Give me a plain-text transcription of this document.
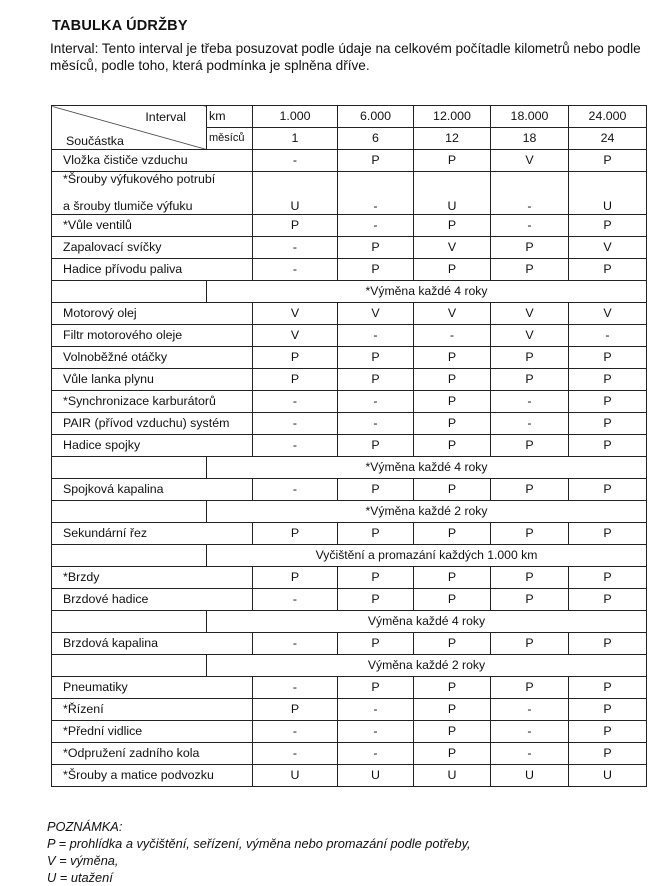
TABULKA ÚDRŽBY

Interval: Tento interval je třeba posuzovat podle údaje na celkovém počítadle kilometrů nebo podle měsíců, podle toho, která podmínka je splněna dříve.

Interval
Součástka	km	1.000	6.000	12.000	18.000	24.000
	měsíců	1	6	12	18	24
Vložka čističe vzduchu		-	P	P	V	P

*Šrouby výfukového potrubí
a šrouby tlumiče výfuku		U	-	U	-	U
*Vůle ventilů		P	-	P	-	P
Zapalovací svíčky		-	P	V	P	V
Hadice přívodu paliva		-	P	P	P	P
	*Výměna každé 4 roky					
Motorový olej		V	V	V	V	V
Filtr motorového oleje		V	-	-	V	-
Volnoběžné otáčky		P	P	P	P	P
Vůle lanka plynu		P	P	P	P	P
*Synchronizace karburátorů		-	-	P	-	P
PAIR (přívod vzduchu) systém		-	-	P	-	P
Hadice spojky		-	P	P	P	P
	*Výměna každé 4 roky					
Spojková kapalina		-	P	P	P	P
	*Výměna každé 2 roky					
Sekundární řez		P	P	P	P	P
	Vyčištění a promazání každých 1.000 km					
*Brzdy		P	P	P	P	P
Brzdové hadice		-	P	P	P	P
	Výměna každé 4 roky					
Brzdová kapalina		-	P	P	P	P
	Výměna každé 2 roky					
Pneumatiky		-	P	P	P	P
*Řízení		P	-	P	-	P
*Přední vidlice		-	-	P	-	P
*Odpružení zadního kola		-	-	P	-	P
*Šrouby a matice podvozku		U	U	U	U	U
POZNÁMKA:
P = prohlídka a vyčištění, seřízení, výměna nebo promazání podle potřeby,
V = výměna,
U = utažení
